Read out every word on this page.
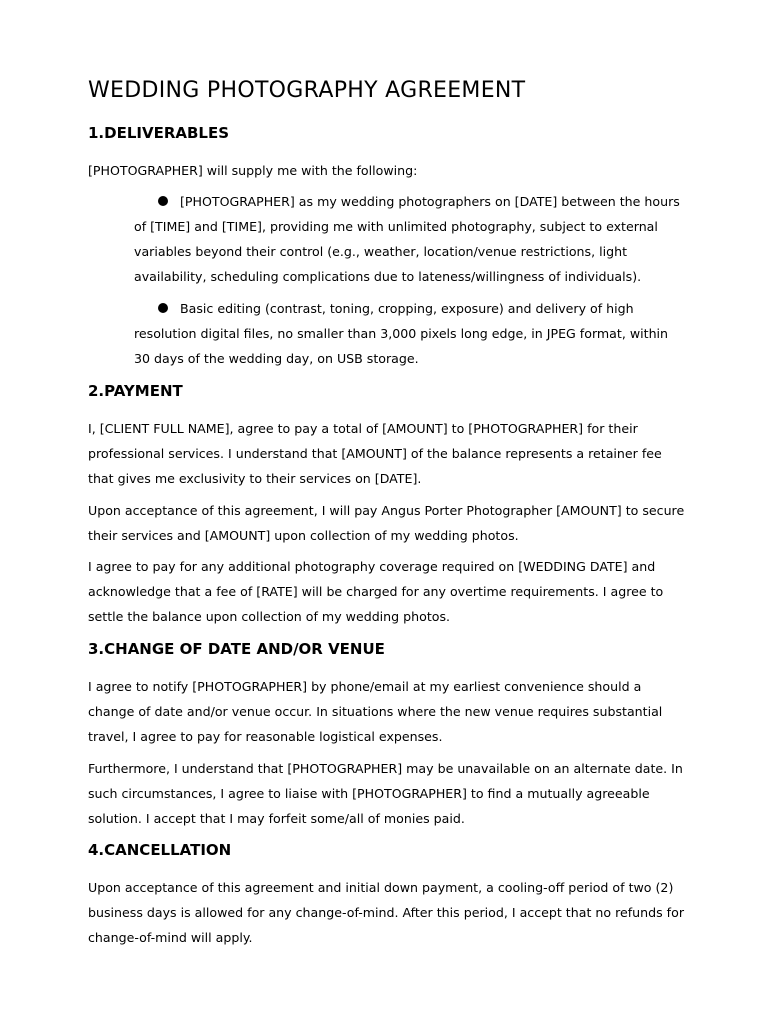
WEDDING PHOTOGRAPHY AGREEMENT
1.DELIVERABLES

[PHOTOGRAPHER] will supply me with the following:

[PHOTOGRAPHER] as my wedding photographers on [DATE] between the hours of [TIME] and [TIME], providing me with unlimited photography, subject to external variables beyond their control (e.g., weather, location/venue restrictions, light availability, scheduling complications due to lateness/willingness of individuals).

Basic editing (contrast, toning, cropping, exposure) and delivery of high resolution digital files, no smaller than 3,000 pixels long edge, in JPEG format, within 30 days of the wedding day, on USB storage.

2.PAYMENT

I, [CLIENT FULL NAME], agree to pay a total of [AMOUNT] to [PHOTOGRAPHER] for their professional services. I understand that [AMOUNT] of the balance represents a retainer fee that gives me exclusivity to their services on [DATE].

Upon acceptance of this agreement, I will pay Angus Porter Photographer [AMOUNT] to secure their services and [AMOUNT] upon collection of my wedding photos.

I agree to pay for any additional photography coverage required on [WEDDING DATE] and acknowledge that a fee of [RATE] will be charged for any overtime requirements. I agree to settle the balance upon collection of my wedding photos.

3.CHANGE OF DATE AND/OR VENUE

I agree to notify [PHOTOGRAPHER] by phone/email at my earliest convenience should a change of date and/or venue occur. In situations where the new venue requires substantial travel, I agree to pay for reasonable logistical expenses.

Furthermore, I understand that [PHOTOGRAPHER] may be unavailable on an alternate date. In such circumstances, I agree to liaise with [PHOTOGRAPHER] to find a mutually agreeable solution. I accept that I may forfeit some/all of monies paid.

4.CANCELLATION

Upon acceptance of this agreement and initial down payment, a cooling-off period of two (2) business days is allowed for any change-of-mind. After this period, I accept that no refunds for change-of-mind will apply.
